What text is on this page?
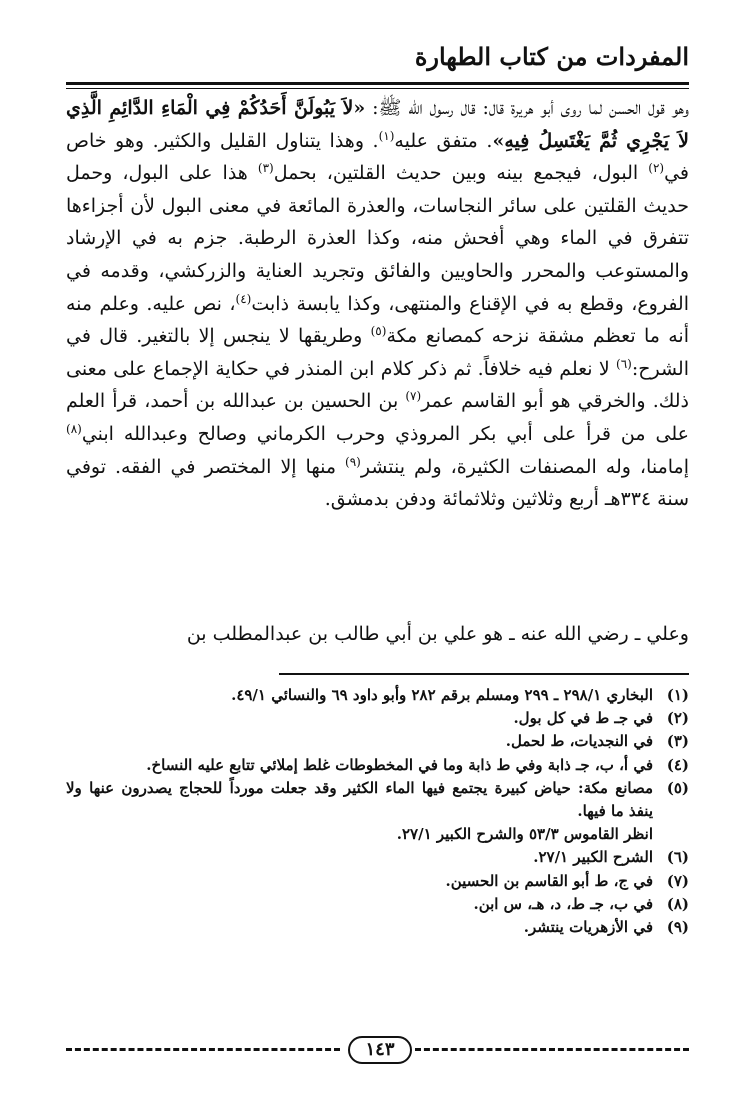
المفردات من كتاب الطهارة

وهو قول الحسن لما روى أبو هريرة قال: قال رسول الله ﷺ: «لاَ يَبُولَنَّ أَحَدُكُمْ فِي الْمَاءِ الدَّائِمِ الَّذِي لاَ يَجْرِي ثُمَّ يَغْتَسِلُ فِيهِ». متفق عليه$^{(١)}$. وهذا يتناول القليل والكثير. وهو خاص في$^{(٢)}$ البول، فيجمع بينه وبين حديث القلتين، بحمل$^{(٣)}$ هذا على البول، وحمل حديث القلتين على سائر النجاسات، والعذرة المائعة في معنى البول لأن أجزاءها تتفرق في الماء وهي أفحش منه، وكذا العذرة الرطبة. جزم به في الإرشاد والمستوعب والمحرر والحاويين والفائق وتجريد العناية والزركشي، وقدمه في الفروع، وقطع به في الإقناع والمنتهى، وكذا يابسة ذابت$^{(٤)}$، نص عليه. وعلم منه أنه ما تعظم مشقة نزحه كمصانع مكة$^{(٥)}$ وطريقها لا ينجس إلا بالتغير. قال في الشرح:$^{(٦)}$ لا نعلم فيه خلافاً. ثم ذكر كلام ابن المنذر في حكاية الإجماع على معنى ذلك. والخرقي هو أبو القاسم عمر$^{(٧)}$ بن الحسين بن عبدالله بن أحمد، قرأ العلم على من قرأ على أبي بكر المروذي وحرب الكرماني وصالح وعبدالله ابني$^{(٨)}$ إمامنا، وله المصنفات الكثيرة، ولم ينتشر$^{(٩)}$ منها إلا المختصر في الفقه. توفي سنة ٣٣٤هـ أربع وثلاثين وثلاثمائة ودفن بدمشق.

وعلي ـ رضي الله عنه ـ هو علي بن أبي طالب بن عبدالمطلب بن
(١)
البخاري ٢٩٨/١ ـ ٢٩٩ ومسلم برقم ٢٨٢ وأبو داود ٦٩ والنسائي ٤٩/١.
(٢)
في جـ ط في كل بول.
(٣)
في النجديات، ط لحمل.
(٤)
في أ، ب، جـ ذابة وفي ط ذابة وما في المخطوطات غلط إملائي تتابع عليه النساخ.
(٥)
مصانع مكة: حياض كبيرة يجتمع فيها الماء الكثير وقد جعلت مورداً للحجاج يصدرون عنها ولا ينفذ ما فيها.
انظر القاموس ٥٣/٣ والشرح الكبير ٢٧/١.
(٦)
الشرح الكبير ٢٧/١.
(٧)
في ج، ط أبو القاسم بن الحسين.
(٨)
في ب، جـ ط، د، هـ، س ابن.
(٩)
في الأزهريات ينتشر.
١٤٣
